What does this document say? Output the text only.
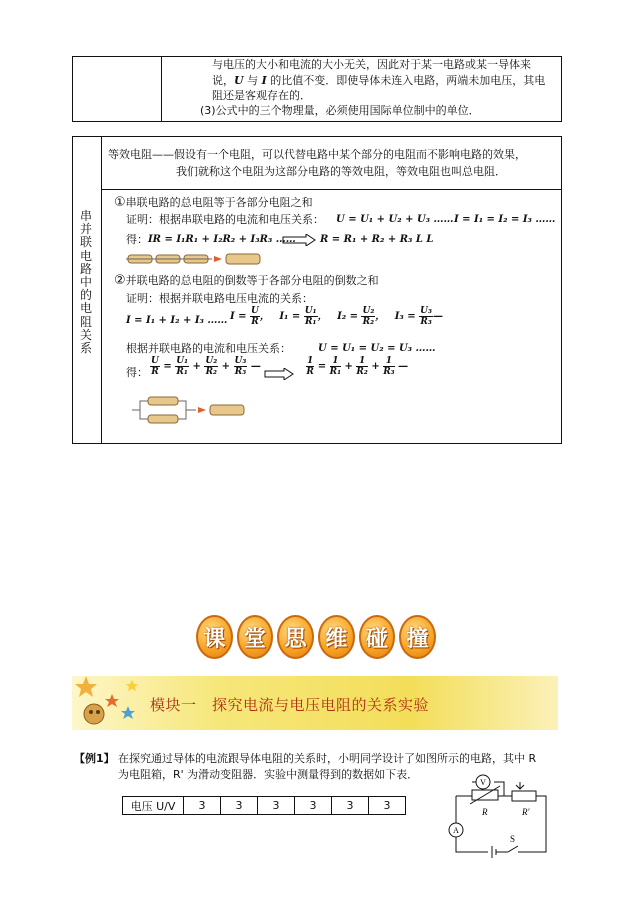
与电压的大小和电流的大小无关，因此对于某一电路或某一导体来
说，U 与 I 的比值不变．即使导体未连入电路，两端未加电压，其电
阻还是客观存在的．
(3)公式中的三个物理量，必须使用国际单位制中的单位．
串
并
联
电
路
中
的
电
阻
关
系
等效电阻——假设有一个电阻，可以代替电路中某个部分的电阻而不影响电路的效果，
我们就称这个电阻为这部分电路的等效电阻，等效电阻也叫总电阻．
①串联电路的总电阻等于各部分电阻之和
证明：根据串联电路的电流和电压关系： U = U₁ + U₂ + U₃ …… I = I₁ = I₂ = I₃ ……
得： IR = I₁R₁ + I₂R₂ + I₃R₃ …… R = R₁ + R₂ + R₃ L L
②并联电路的总电阻的倒数等于各部分电阻的倒数之和
证明：根据并联电路电压电流的关系：
I = I₁ + I₂ + I₃ …… $I = \frac{U}{R}$ ， $I_1 = \frac{\text{U₁}}{\text{R₁}}$ ， $I_2 = \frac{\text{U₂}}{\text{R₂}}$ ， $I_3 = \frac{\text{U₃}}{\text{R₃}}$ —
根据并联电路的电流和电压关系：	U = U₁ = U₂ = U₃ ……
得： $\frac{U}{R} = \frac{\text{U₁}}{\text{R₁}} + \frac{\text{U₂}}{\text{R₂}} + \frac{\text{U₃}}{\text{R₃}}$ —	$\frac{1}{R} = \frac{1}{\text{R₁}} + \frac{1}{\text{R₂}} + \frac{1}{\text{R₃}}$ —
课 堂 思 维 碰 撞
模块一　探究电流与电压电阻的关系实验
【例1】 在探究通过导体的电流跟导体电阻的关系时，小明同学设计了如图所示的电路，其中 R
为电阻箱，R' 为滑动变阻器．实验中测量得到的数据如下表．
电压 U/V	3	3	3	3	3	3
V
A
R	R'
S
